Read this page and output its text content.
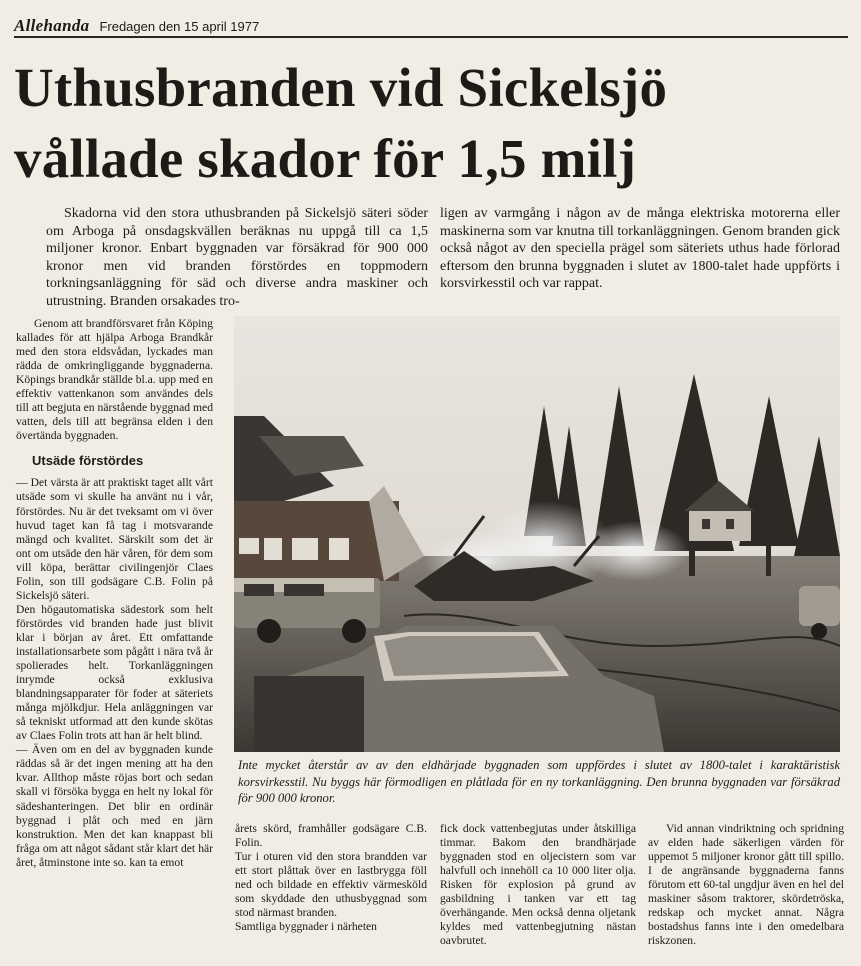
Allehanda Fredagen den 15 april 1977
Uthusbranden vid Sickelsjö
vållade skador för 1,5 milj

Skadorna vid den stora uthusbranden på Sickelsjö säteri söder om Arboga på onsdagskvällen beräknas nu uppgå till ca 1,5 miljoner kronor. Enbart byggnaden var försäkrad för 900 000 kronor men vid branden förstördes en toppmodern torkningsanläggning för säd och diverse andra maskiner och utrustning. Branden orsakades tro-

ligen av varmgång i någon av de många elektriska motorerna eller maskinerna som var knutna till torkanläggningen. Genom branden gick också något av den speciella prägel som säteriets uthus hade förlorad eftersom den brunna byggnaden i slutet av 1800-talet hade uppförts i korsvirkesstil och var rappat.

Genom att brandförsvaret från Köping kallades för att hjälpa Arboga Brandkår med den stora eldsvådan, lyckades man rädda de omkringliggande byggnaderna. Köpings brandkår ställde bl.a. upp med en effektiv vattenkanon som användes dels till att begjuta en närstående byggnad med vatten, dels till att begränsa elden i den övertända byggnaden.

Utsäde förstördes

— Det värsta är att praktiskt taget allt vårt utsäde som vi skulle ha använt nu i vår, förstördes. Nu är det tveksamt om vi över huvud taget kan få tag i motsvarande mängd och kvalitet. Särskilt som det är ont om utsäde den här våren, för dem som vill köpa, berättar civilingenjör Claes Folin, son till godsägare C.B. Folin på Sickelsjö säteri.

Den högautomatiska sädestork som helt förstördes vid branden hade just blivit klar i början av året. Ett omfattande installationsarbete som pågått i nära två år spolierades helt. Torkanläggningen inrymde också exklusiva blandningsapparater för foder at säteriets många mjölkdjur. Hela anläggningen var så tekniskt utformad att den kunde skötas av Claes Folin trots att han är helt blind.

— Även om en del av byggnaden kunde räddas så är det ingen mening att ha den kvar. Allthop måste röjas bort och sedan skall vi försöka bygga en helt ny lokal för sädeshanteringen. Det blir en ordinär byggnad i plåt och med en järn konstruktion. Men det kan knappast bli fråga om att något sådant står klart det här året, åtminstone inte so. kan ta emot

Inte mycket återstår av av den eldhärjade byggnaden som uppfördes i slutet av 1800-talet i karaktäristisk korsvirkesstil. Nu byggs här förmodligen en plåtlada för en ny torkanläggning. Den brunna byggnaden var försäkrad för 900 000 kronor.

årets skörd, framhåller godsägare C.B. Folin.

Tur i oturen vid den stora brandden var ett stort plåttak över en lastbrygga föll ned och bildade en effektiv värmesköld som skyddade den uthusbyggnad som stod närmast branden.

Samtliga byggnader i närheten

fick dock vattenbegjutas under åtskilliga timmar. Bakom den brandhärjade byggnaden stod en oljecistern som var halvfull och innehöll ca 10 000 liter olja. Risken för explosion på grund av gasbildning i tanken var ett tag överhängande. Men också denna oljetank kyldes med vattenbegjutning nästan oavbrutet.

Vid annan vindriktning och spridning av elden hade säkerligen värden för uppemot 5 miljoner kronor gått till spillo. I de angränsande byggnaderna fanns förutom ett 60-tal ungdjur även en hel del maskiner såsom traktorer, skördetröska, redskap och mycket annat. Några bostadshus fanns inte i den omedelbara riskzonen.
